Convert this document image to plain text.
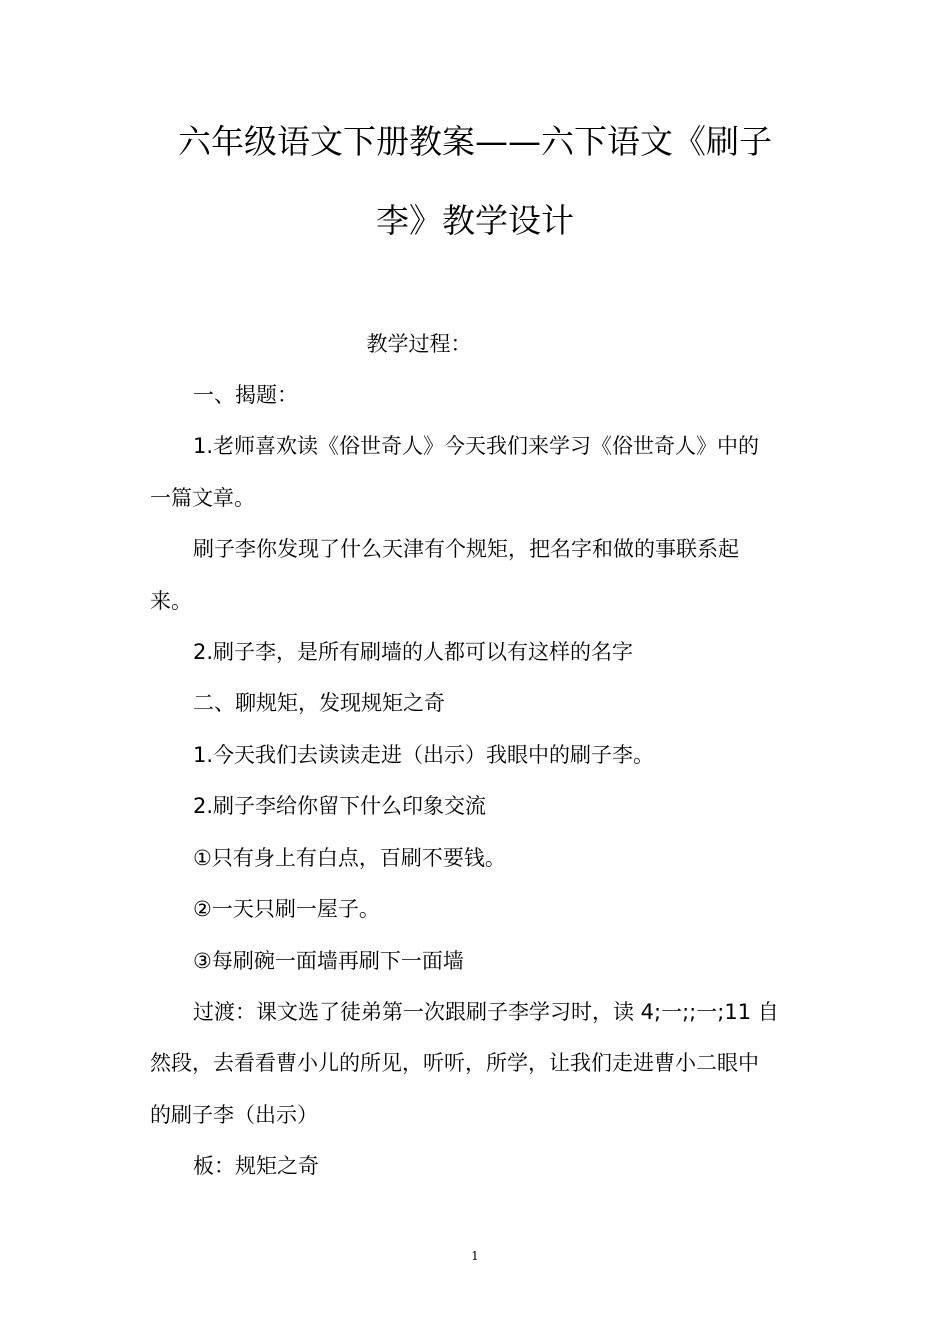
六年级语文下册教案——六下语文《刷子
李》教学设计
教学过程：
一、揭题：
1.老师喜欢读《俗世奇人》今天我们来学习《俗世奇人》中的
一篇文章。
刷子李你发现了什么天津有个规矩，把名字和做的事联系起
来。
2.刷子李，是所有刷墙的人都可以有这样的名字
二、聊规矩，发现规矩之奇
1.今天我们去读读走进（出示）我眼中的刷子李。
2.刷子李给你留下什么印象交流
①只有身上有白点，百刷不要钱。
②一天只刷一屋子。
③每刷碗一面墙再刷下一面墙
过渡：课文选了徒弟第一次跟刷子李学习时，读 4;一;;一;11 自
然段，去看看曹小儿的所见，听听，所学，让我们走进曹小二眼中
的刷子李（出示）
板：规矩之奇
1
